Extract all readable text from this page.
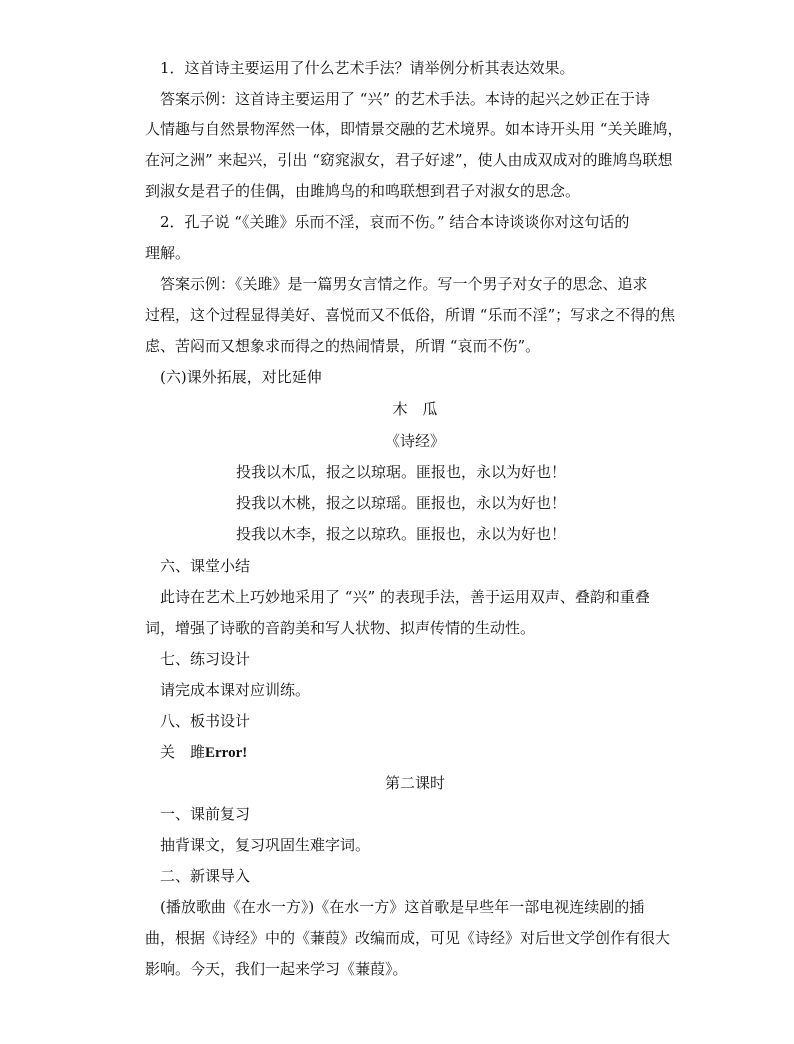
　1．这首诗主要运用了什么艺术手法？请举例分析其表达效果。
　答案示例：这首诗主要运用了 “兴” 的艺术手法。本诗的起兴之妙正在于诗
人情趣与自然景物浑然一体，即情景交融的艺术境界。如本诗开头用 “关关雎鸠，
在河之洲” 来起兴，引出 “窈窕淑女，君子好逑”，使人由成双成对的雎鸠鸟联想
到淑女是君子的佳偶，由雎鸠鸟的和鸣联想到君子对淑女的思念。
　2．孔子说 “《关雎》乐而不淫，哀而不伤。” 结合本诗谈谈你对这句话的
理解。
　答案示例：《关雎》是一篇男女言情之作。写一个男子对女子的思念、追求
过程，这个过程显得美好、喜悦而又不低俗，所谓 “乐而不淫”；写求之不得的焦
虑、苦闷而又想象求而得之的热闹情景，所谓 “哀而不伤”。
　(六)课外拓展，对比延伸
木　瓜
《诗经》
投我以木瓜，报之以琼琚。匪报也，永以为好也！
投我以木桃，报之以琼瑶。匪报也，永以为好也！
投我以木李，报之以琼玖。匪报也，永以为好也！
　六、课堂小结
　此诗在艺术上巧妙地采用了 “兴” 的表现手法，善于运用双声、叠韵和重叠
词，增强了诗歌的音韵美和写人状物、拟声传情的生动性。
　七、练习设计
　请完成本课对应训练。
　八、板书设计
　关　雎Error!
第二课时
　一、课前复习
　抽背课文，复习巩固生难字词。
　二、新课导入
　(播放歌曲《在水一方》)《在水一方》这首歌是早些年一部电视连续剧的插
曲，根据《诗经》中的《蒹葭》改编而成，可见《诗经》对后世文学创作有很大
影响。今天，我们一起来学习《蒹葭》。
